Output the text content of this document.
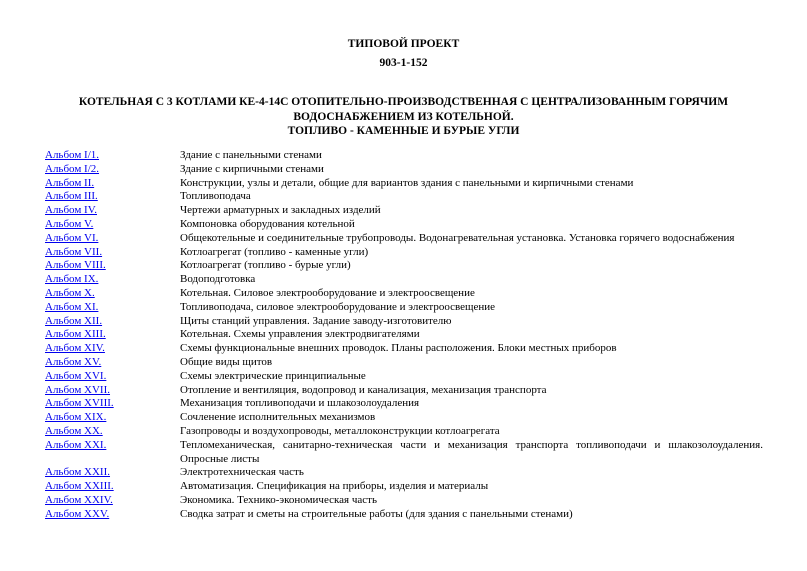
ТИПОВОЙ ПРОЕКТ
903-1-152
КОТЕЛЬНАЯ С 3 КОТЛАМИ КЕ-4-14С ОТОПИТЕЛЬНО-ПРОИЗВОДСТВЕННАЯ С ЦЕНТРАЛИЗОВАННЫМ ГОРЯЧИМ
ВОДОСНАБЖЕНИЕМ ИЗ КОТЕЛЬНОЙ.
ТОПЛИВО - КАМЕННЫЕ И БУРЫЕ УГЛИ
Альбом I/1.	Здание с панельными стенами
Альбом I/2.	Здание с кирпичными стенами
Альбом II.	Конструкции, узлы и детали, общие для вариантов здания с панельными и кирпичными стенами
Альбом III.	Топливоподача
Альбом IV.	Чертежи арматурных и закладных изделий
Альбом V.	Компоновка оборудования котельной
Альбом VI.	Общекотельные и соединительные трубопроводы. Водонагревательная установка. Установка горячего водоснабжения
Альбом VII.	Котлоагрегат (топливо - каменные угли)
Альбом VIII.	Котлоагрегат (топливо - бурые угли)
Альбом IX.	Водоподготовка
Альбом X.	Котельная. Силовое электрооборудование и электроосвещение
Альбом XI.	Топливоподача, силовое электрооборудование и электроосвещение
Альбом XII.	Щиты станций управления. Задание заводу-изготовителю
Альбом XIII.	Котельная. Схемы управления электродвигателями
Альбом XIV.	Схемы функциональные внешних проводок. Планы расположения. Блоки местных приборов
Альбом XV.	Общие виды щитов
Альбом XVI.	Схемы электрические принципиальные
Альбом XVII.	Отопление и вентиляция, водопровод и канализация, механизация транспорта
Альбом XVIII.	Механизация топливоподачи и шлакозолоудаления
Альбом XIX.	Сочленение исполнительных механизмов
Альбом XX.	Газопроводы и воздухопроводы, металлоконструкции котлоагрегата
Альбом XXI.	Тепломеханическая, санитарно-техническая части и механизация транспорта топливоподачи и шлакозолоудаления. Опросные листы
Альбом XXII.	Электротехническая часть
Альбом XXIII.	Автоматизация. Спецификация на приборы, изделия и материалы
Альбом XXIV.	Экономика. Технико-экономическая часть
Альбом XXV.	Сводка затрат и сметы на строительные работы (для здания с панельными стенами)
